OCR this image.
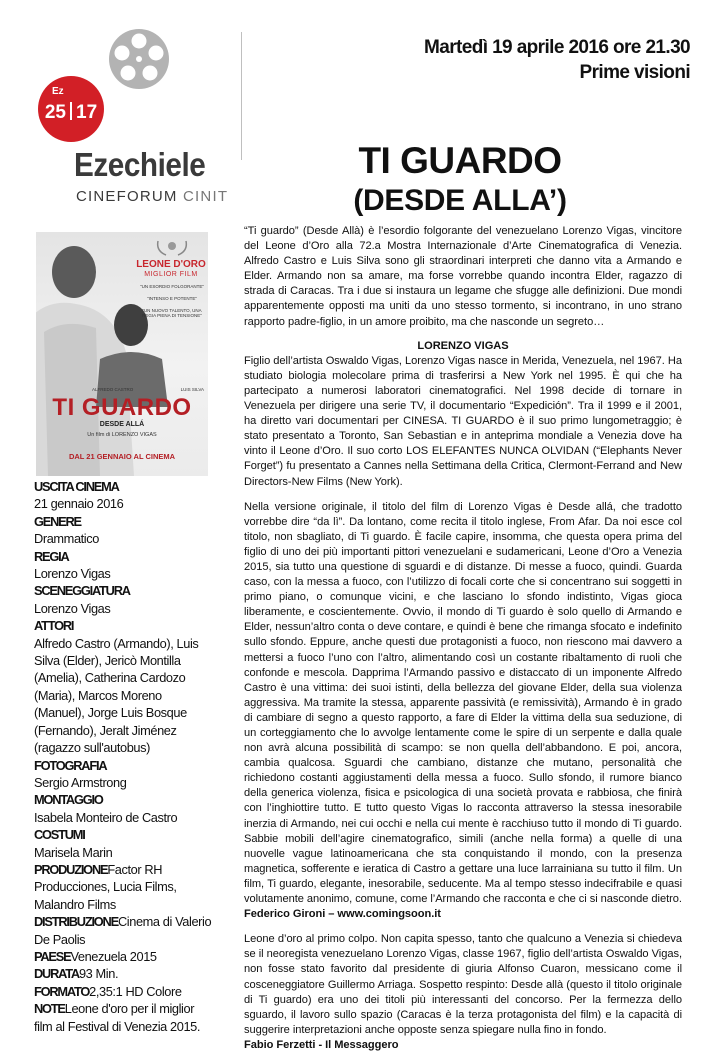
Ez
25 17
Ezechiele
CINEFORUM CINIT
Martedì 19 aprile 2016 ore 21.30
Prime visioni
TI GUARDO
(DESDE ALLA’)
LEONE D'ORO
MIGLIOR FILM
"UN ESORDIO FOLGORANTE"
"INTENSO E POTENTE"
"UN NUOVO TALENTO, UNA REGIA PIENA DI TENSIONE"
ALFREDO CASTRO	LUIS SILVA
TI GUARDO
DESDE ALLÁ
Un film di LORENZO VIGAS
DAL 21 GENNAIO AL CINEMA
USCITA CINEMA
21 gennaio 2016
GENERE
Drammatico
REGIA
Lorenzo Vigas
SCENEGGIATURA
Lorenzo Vigas
ATTORI
Alfredo Castro (Armando), Luis Silva (Elder), Jericò Montilla (Amelia), Catherina Cardozo (Maria), Marcos Moreno (Manuel), Jorge Luis Bosque (Fernando), Jeralt Jiménez (ragazzo sull'autobus)
FOTOGRAFIA
Sergio Armstrong
MONTAGGIO
Isabela Monteiro de Castro
COSTUMI
Marisela Marin
PRODUZIONEFactor RH Producciones, Lucia Films, Malandro Films
DISTRIBUZIONECinema di Valerio De Paolis
PAESEVenezuela 2015
DURATA93 Min.
FORMATO2,35:1 HD Colore
NOTELeone d'oro per il miglior film al Festival di Venezia 2015.

“Ti guardo” (Desde Allà) è l’esordio folgorante del venezuelano Lorenzo Vigas, vincitore del Leone d’Oro alla 72.a Mostra Internazionale d’Arte Cinematografica di Venezia. Alfredo Castro e Luis Silva sono gli straordinari interpreti che danno vita a Armando e Elder. Armando non sa amare, ma forse vorrebbe quando incontra Elder, ragazzo di strada di Caracas. Tra i due si instaura un legame che sfugge alle definizioni. Due mondi apparentemente opposti ma uniti da uno stesso tormento, si incontrano, in uno strano rapporto padre-figlio, in un amore proibito, ma che nasconde un segreto…

LORENZO VIGAS

Figlio dell’artista Oswaldo Vigas, Lorenzo Vigas nasce in Merida, Venezuela, nel 1967. Ha studiato biologia molecolare prima di trasferirsi a New York nel 1995. È qui che ha partecipato a numerosi laboratori cinematografici. Nel 1998 decide di tornare in Venezuela per dirigere una serie TV, il documentario “Expedición”. Tra il 1999 e il 2001, ha diretto vari documentari per CINESA. TI GUARDO è il suo primo lungometraggio; è stato presentato a Toronto, San Sebastian e in anteprima mondiale a Venezia dove ha vinto il Leone d’Oro. Il suo corto LOS ELEFANTES NUNCA OLVIDAN (“Elephants Never Forget”) fu presentato a Cannes nella Settimana della Critica, Clermont-Ferrand and New Directors-New Films (New York).

Nella versione originale, il titolo del film di Lorenzo Vigas è Desde allá, che tradotto vorrebbe dire “da lì”. Da lontano, come recita il titolo inglese, From Afar. Da noi esce col titolo, non sbagliato, di Ti guardo. È facile capire, insomma, che questa opera prima del figlio di uno dei più importanti pittori venezuelani e sudamericani, Leone d’Oro a Venezia 2015, sia tutto una questione di sguardi e di distanze. Di messe a fuoco, quindi. Guarda caso, con la messa a fuoco, con l’utilizzo di focali corte che si concentrano sui soggetti in primo piano, o comunque vicini, e che lasciano lo sfondo indistinto, Vigas gioca liberamente, e coscientemente. Ovvio, il mondo di Ti guardo è solo quello di Armando e Elder, nessun’altro conta o deve contare, e quindi è bene che rimanga sfocato e indefinito sullo sfondo. Eppure, anche questi due protagonisti a fuoco, non riescono mai davvero a mettersi a fuoco l’uno con l’altro, alimentando così un costante ribaltamento di ruoli che confonde e mescola. Dapprima l’Armando passivo e distaccato di un imponente Alfredo Castro è una vittima: dei suoi istinti, della bellezza del giovane Elder, della sua violenza aggressiva. Ma tramite la stessa, apparente passività (e remissività), Armando è in grado di cambiare di segno a questo rapporto, a fare di Elder la vittima della sua seduzione, di un corteggiamento che lo avvolge lentamente come le spire di un serpente e dalla quale non avrà alcuna possibilità di scampo: se non quella dell’abbandono. E poi, ancora, cambia qualcosa. Sguardi che cambiano, distanze che mutano, personalità che richiedono costanti aggiustamenti della messa a fuoco. Sullo sfondo, il rumore bianco della generica violenza, fisica e psicologica di una società provata e rabbiosa, che finirà con l’inghiottire tutto. E tutto questo Vigas lo racconta attraverso la stessa inesorabile inerzia di Armando, nei cui occhi e nella cui mente è racchiuso tutto il mondo di Ti guardo. Sabbie mobili dell’agire cinematografico, simili (anche nella forma) a quelle di una nuovelle vague latinoamericana che sta conquistando il mondo, con la presenza magnetica, sofferente e ieratica di Castro a gettare una luce larrainiana su tutto il film. Un film, Ti guardo, elegante, inesorabile, seducente. Ma al tempo stesso indecifrabile e quasi volutamente anonimo, comune, come l’Armando che racconta e che ci si nasconde dietro.

Federico Gironi – www.comingsoon.it

Leone d’oro al primo colpo. Non capita spesso, tanto che qualcuno a Venezia si chiedeva se il neoregista venezuelano Lorenzo Vigas, classe 1967, figlio dell’artista Oswaldo Vigas, non fosse stato favorito dal presidente di giuria Alfonso Cuaron, messicano come il cosceneggiatore Guillermo Arriaga. Sospetto respinto: Desde allà (questo il titolo originale di Ti guardo) era uno dei titoli più interessanti del concorso. Per la fermezza dello sguardo, il lavoro sullo spazio (Caracas è la terza protagonista del film) e la capacità di suggerire interpretazioni anche opposte senza spiegare nulla fino in fondo.

Fabio Ferzetti - Il Messaggero
